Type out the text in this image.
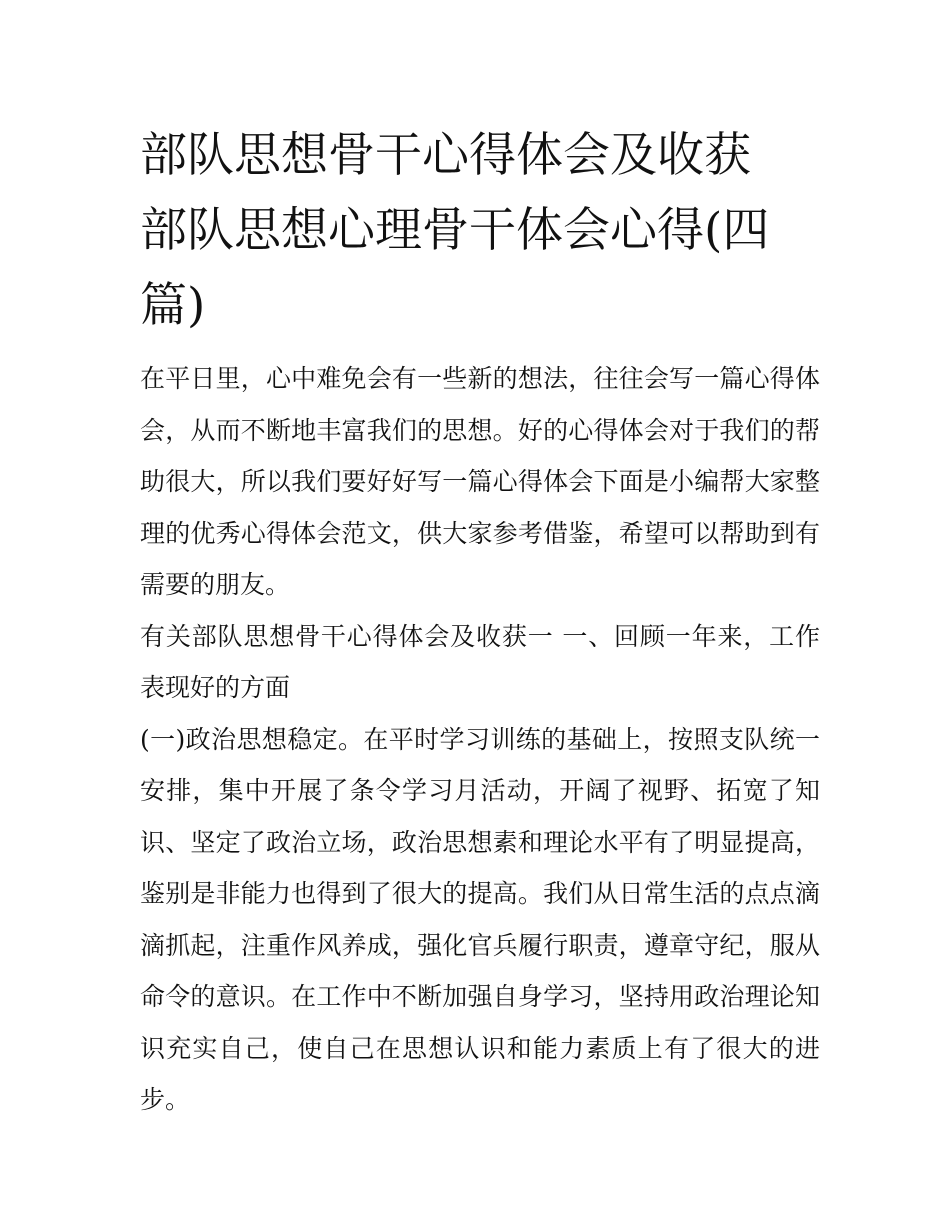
部队思想骨干心得体会及收获
部队思想心理骨干体会心得(四
篇)

在平日里，心中难免会有一些新的想法，往往会写一篇心得体会，从而不断地丰富我们的思想。好的心得体会对于我们的帮助很大，所以我们要好好写一篇心得体会下面是小编帮大家整理的优秀心得体会范文，供大家参考借鉴，希望可以帮助到有需要的朋友。

有关部队思想骨干心得体会及收获一 一、回顾一年来，工作表现好的方面

(一)政治思想稳定。在平时学习训练的基础上，按照支队统一安排，集中开展了条令学习月活动，开阔了视野、拓宽了知识、坚定了政治立场，政治思想素和理论水平有了明显提高，鉴别是非能力也得到了很大的提高。我们从日常生活的点点滴滴抓起，注重作风养成，强化官兵履行职责，遵章守纪，服从命令的意识。在工作中不断加强自身学习，坚持用政治理论知识充实自己，使自己在思想认识和能力素质上有了很大的进步。
